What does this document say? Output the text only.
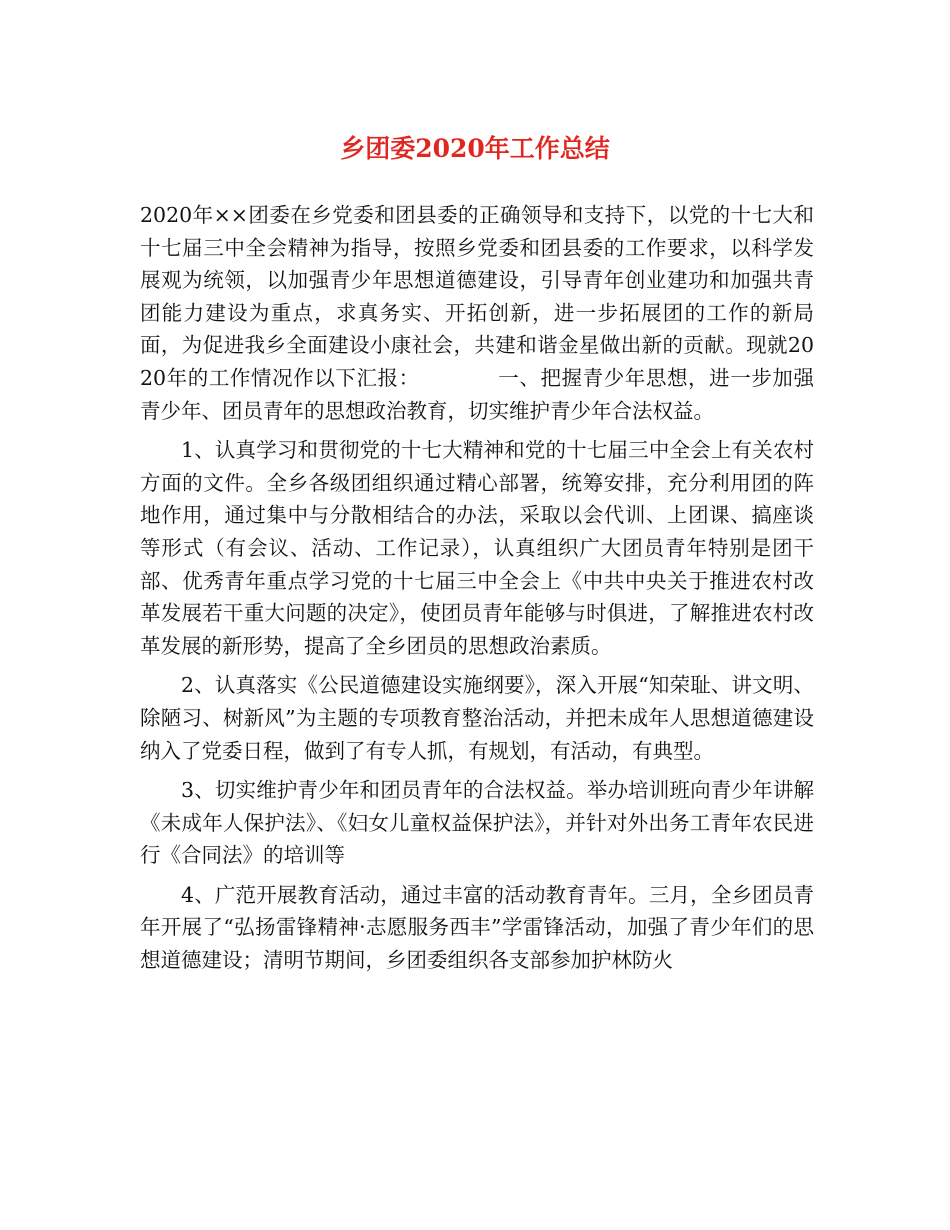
乡团委2020年工作总结

2020年××团委在乡党委和团县委的正确领导和支持下，以党的十七大和十七届三中全会精神为指导，按照乡党委和团县委的工作要求，以科学发展观为统领，以加强青少年思想道德建设，引导青年创业建功和加强共青团能力建设为重点，求真务实、开拓创新，进一步拓展团的工作的新局面，为促进我乡全面建设小康社会，共建和谐金星做出新的贡献。现就2020年的工作情况作以下汇报：	一、把握青少年思想，进一步加强青少年、团员青年的思想政治教育，切实维护青少年合法权益。

1、认真学习和贯彻党的十七大精神和党的十七届三中全会上有关农村方面的文件。全乡各级团组织通过精心部署，统筹安排，充分利用团的阵地作用，通过集中与分散相结合的办法，采取以会代训、上团课、搞座谈等形式（有会议、活动、工作记录），认真组织广大团员青年特别是团干部、优秀青年重点学习党的十七届三中全会上《中共中央关于推进农村改革发展若干重大问题的决定》，使团员青年能够与时俱进，了解推进农村改革发展的新形势，提高了全乡团员的思想政治素质。

2、认真落实《公民道德建设实施纲要》，深入开展“知荣耻、讲文明、除陋习、树新风”为主题的专项教育整治活动，并把未成年人思想道德建设纳入了党委日程，做到了有专人抓，有规划，有活动，有典型。

3、切实维护青少年和团员青年的合法权益。举办培训班向青少年讲解《未成年人保护法》、《妇女儿童权益保护法》，并针对外出务工青年农民进行《合同法》的培训等

4、广范开展教育活动，通过丰富的活动教育青年。三月，全乡团员青年开展了“弘扬雷锋精神·志愿服务西丰”学雷锋活动，加强了青少年们的思想道德建设；清明节期间，乡团委组织各支部参加护林防火
